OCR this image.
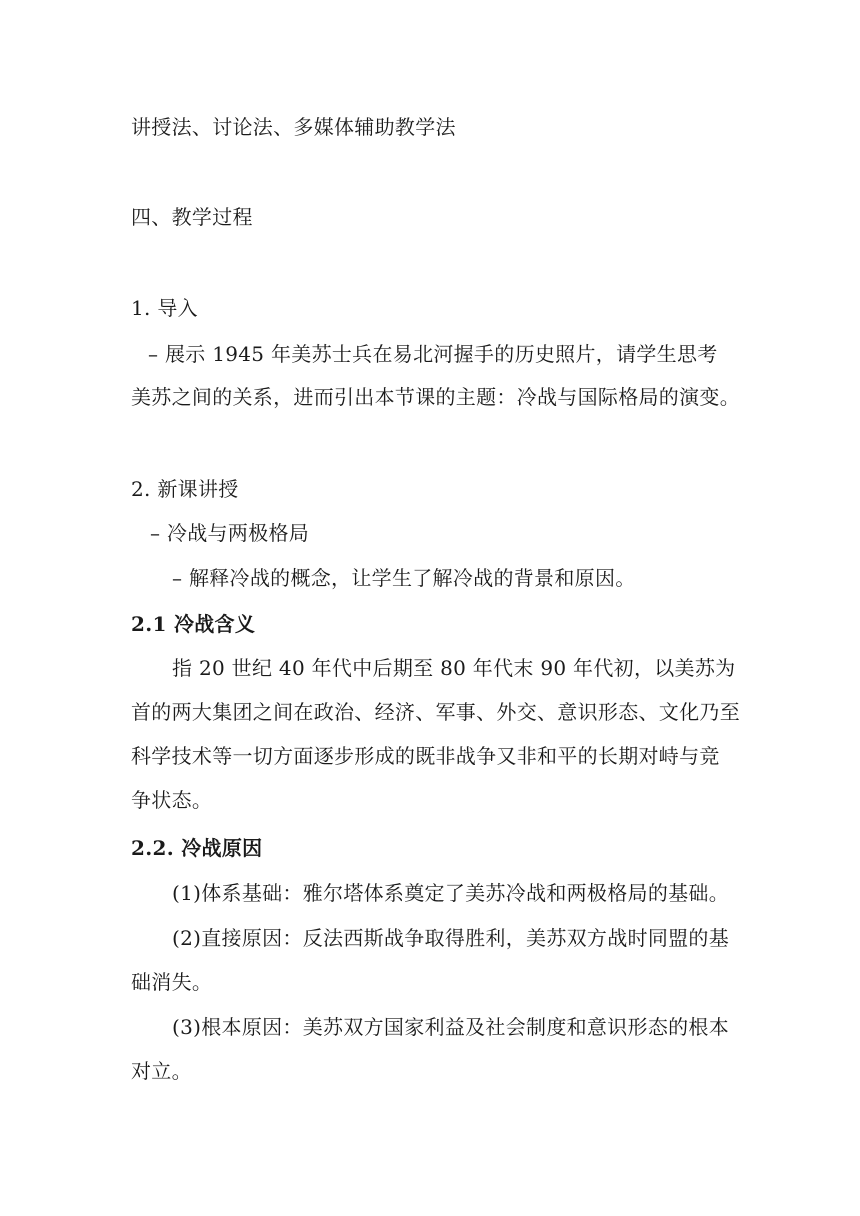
讲授法、讨论法、多媒体辅助教学法
四、教学过程
1. 导入
– 展示 1945 年美苏士兵在易北河握手的历史照片，请学生思考
美苏之间的关系，进而引出本节课的主题：冷战与国际格局的演变。
2. 新课讲授
– 冷战与两极格局
– 解释冷战的概念，让学生了解冷战的背景和原因。
2.1 冷战含义
指 20 世纪 40 年代中后期至 80 年代末 90 年代初，以美苏为
首的两大集团之间在政治、经济、军事、外交、意识形态、文化乃至
科学技术等一切方面逐步形成的既非战争又非和平的长期对峙与竞
争状态。
2.2. 冷战原因
(1)体系基础：雅尔塔体系奠定了美苏冷战和两极格局的基础。
(2)直接原因：反法西斯战争取得胜利，美苏双方战时同盟的基
础消失。
(3)根本原因：美苏双方国家利益及社会制度和意识形态的根本
对立。
